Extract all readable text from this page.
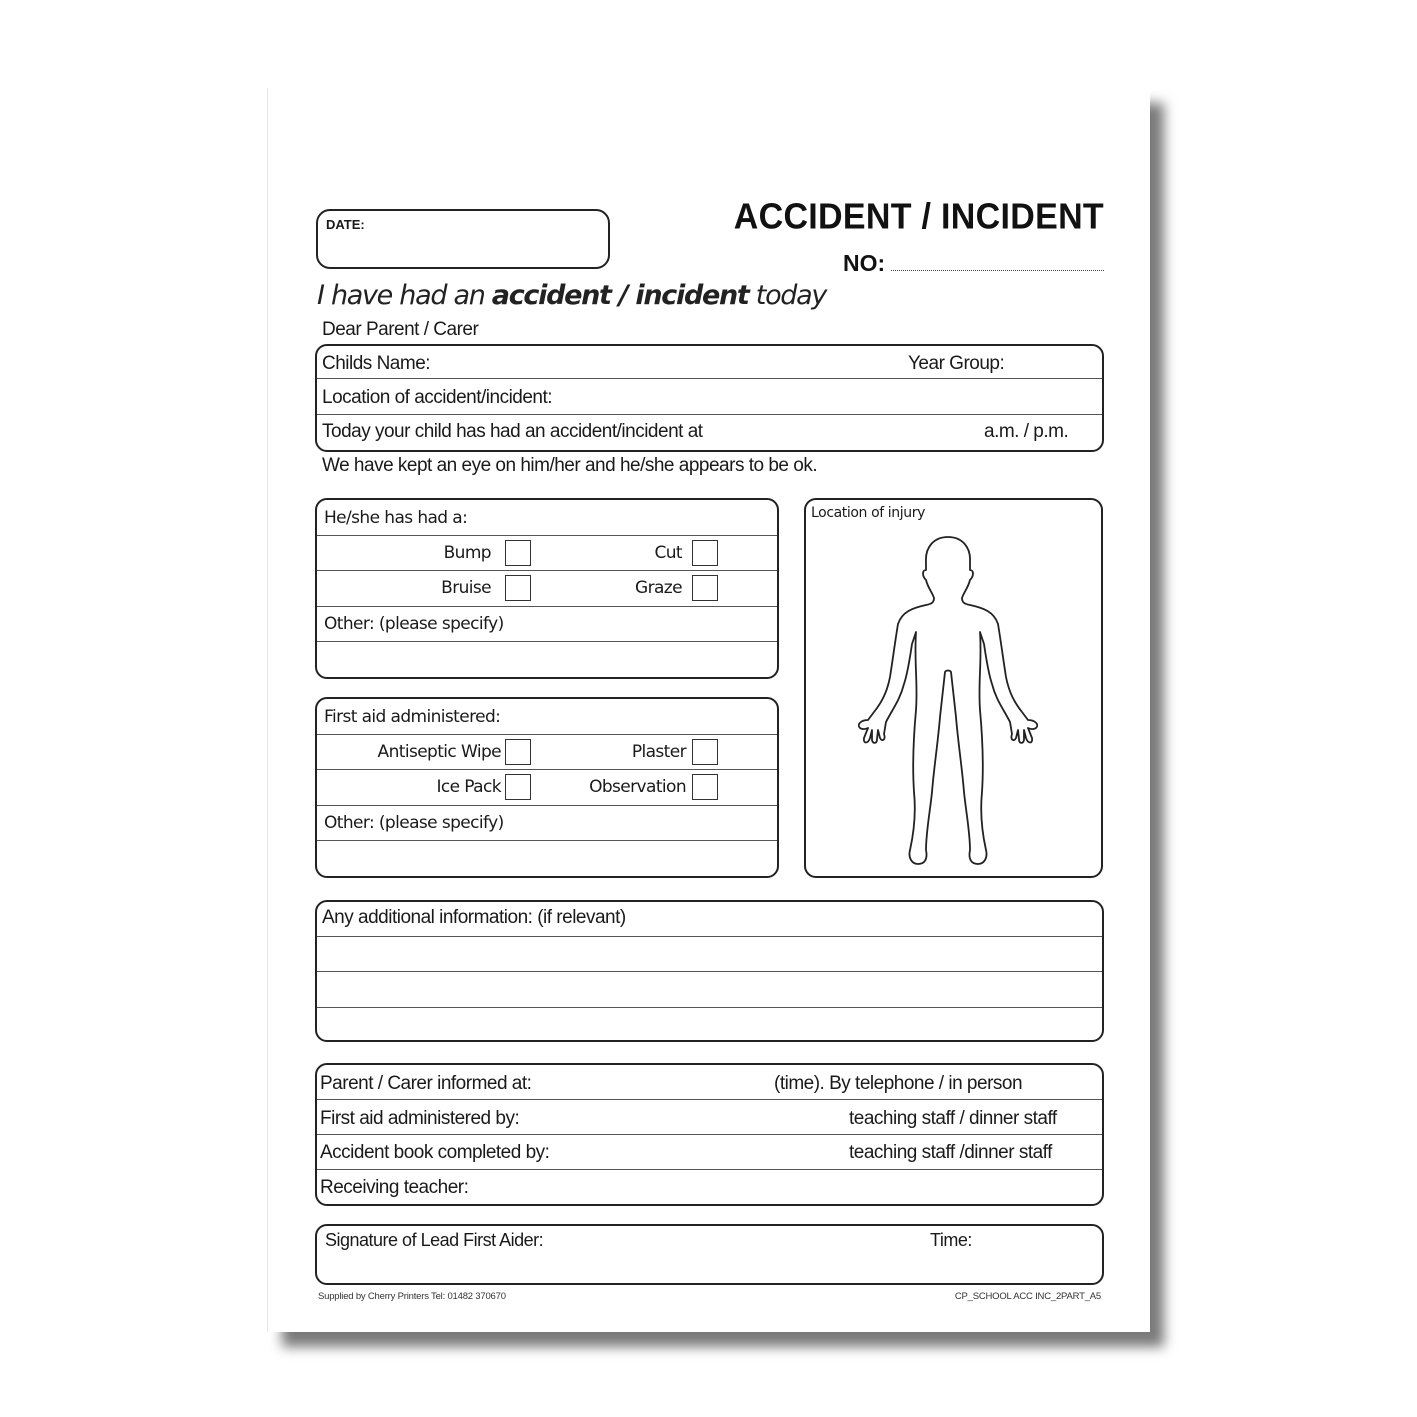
DATE:	ACCIDENT / INCIDENT
NO:
I have had an accident / incident today
Dear Parent / Carer
Childs Name:	Year Group:
Location of accident/incident:
Today your child has had an accident/incident at	a.m. / p.m.
We have kept an eye on him/her and he/she appears to be ok.
He/she has had a:
Bump	Cut
Bruise	Graze
Other: (please specify)
First aid administered:
Antiseptic Wipe	Plaster
Ice Pack	Observation
Other: (please specify)
Location of injury
Any additional information: (if relevant)
Parent / Carer informed at:	(time). By telephone / in person
First aid administered by:	teaching staff / dinner staff
Accident book completed by:	teaching staff /dinner staff
Receiving teacher:
Signature of Lead First Aider:	Time:
Supplied by Cherry Printers Tel: 01482 370670	CP_SCHOOL ACC INC_2PART_A5
